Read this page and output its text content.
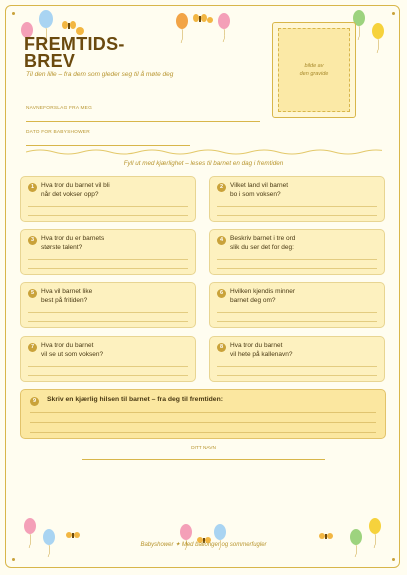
FREMTIDS-
BREV
Til den lille – fra dem som gleder seg til å møte deg
bilde av
den gravide
NAVNEFORSLAG FRA MEG
DATO FOR BABYSHOWER
Fyll ut med kjærlighet – leses til barnet en dag i fremtiden
1	Hva tror du barnet vil bli
når det vokser opp?
2	Vilket land vil barnet
bo i som voksen?
3	Hva tror du er barnets
største talent?
4	Beskriv barnet i tre ord
slik du ser det for deg:
5	Hva vil barnet like
best på fritiden?
6	Hvilken kjendis minner
barnet deg om?
7	Hva tror du barnet
vil se ut som voksen?
8	Hva tror du barnet
vil hete på kallenavn?
9	Skriv en kjærlig hilsen til barnet – fra deg til fremtiden:
DITT NAVN
Babyshower ✦ Med ballonger og sommerfugler
